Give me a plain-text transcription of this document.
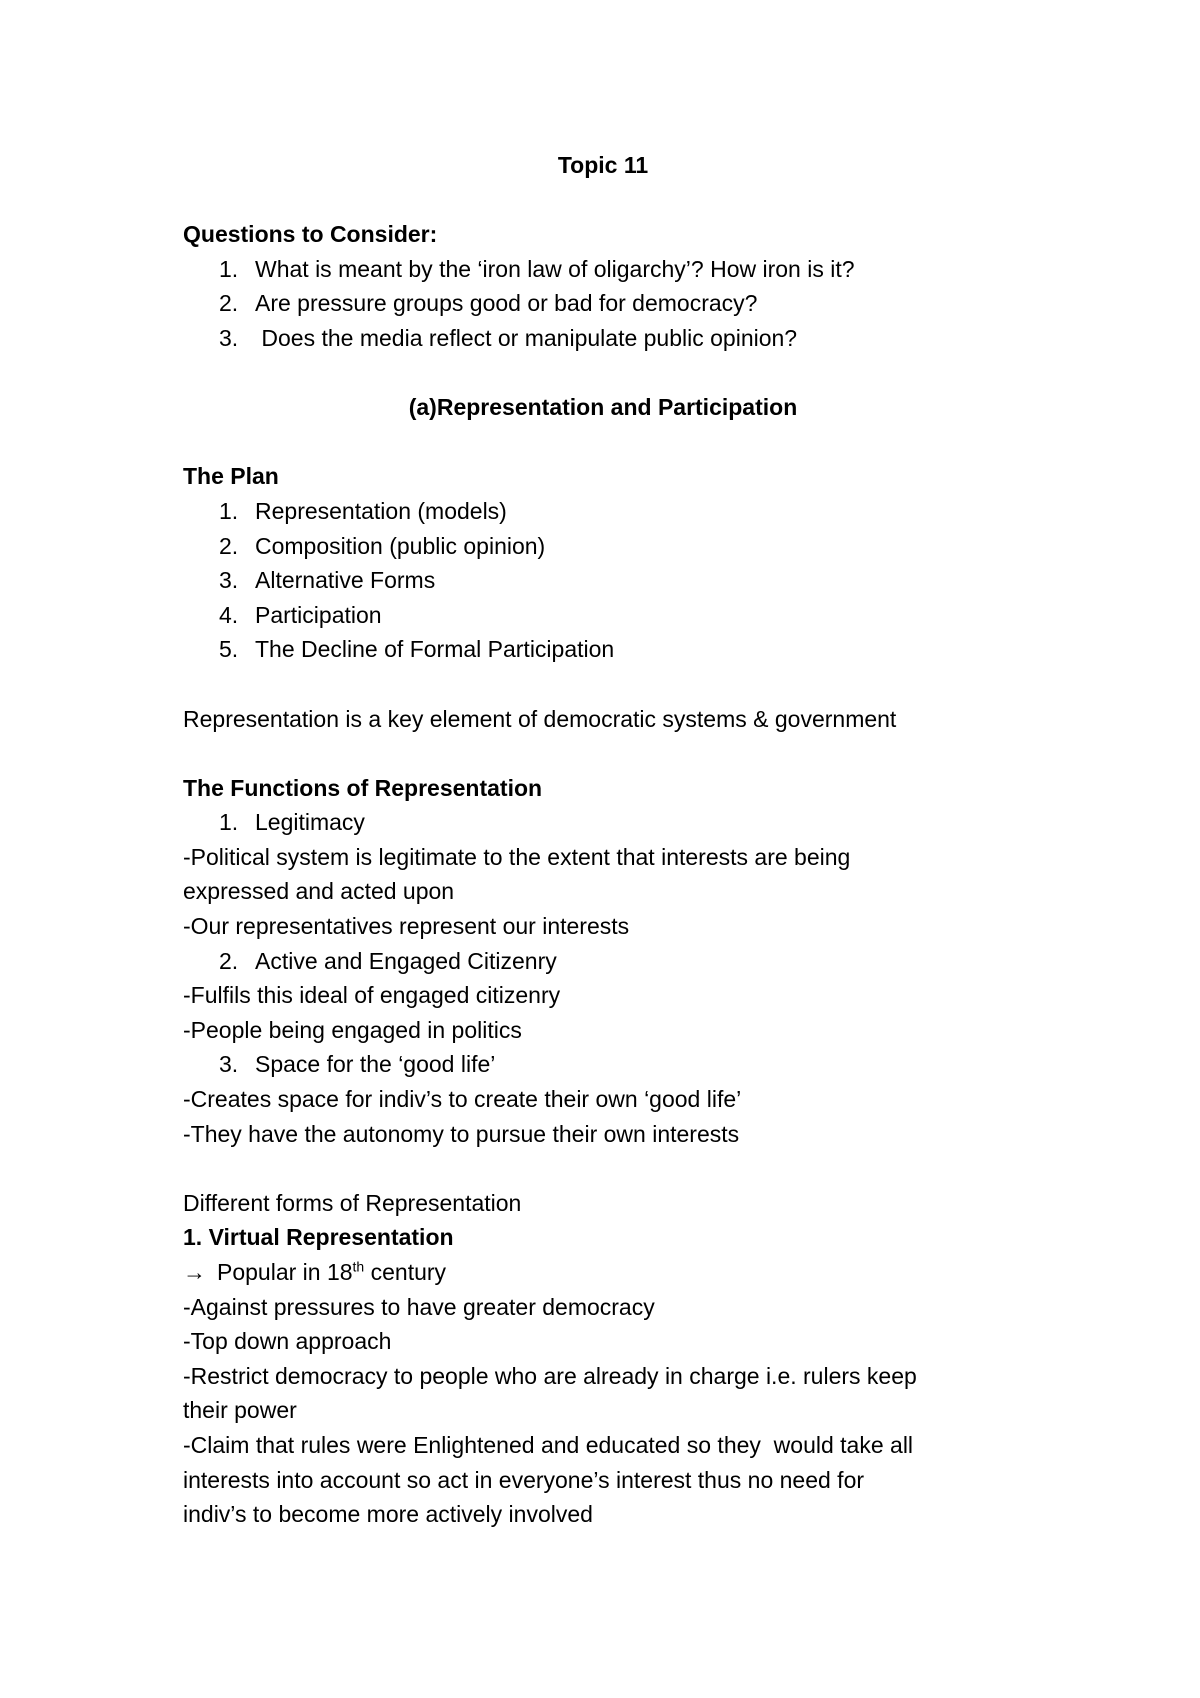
Topic 11
Questions to Consider:
1. What is meant by the ‘iron law of oligarchy’? How iron is it?
2. Are pressure groups good or bad for democracy?
3. Does the media reflect or manipulate public opinion?
(a)Representation and Participation
The Plan
1. Representation (models)
2. Composition (public opinion)
3. Alternative Forms
4. Participation
5. The Decline of Formal Participation
Representation is a key element of democratic systems & government
The Functions of Representation
1. Legitimacy
-Political system is legitimate to the extent that interests are being
expressed and acted upon
-Our representatives represent our interests
2. Active and Engaged Citizenry
-Fulfils this ideal of engaged citizenry
-People being engaged in politics
3. Space for the ‘good life’
-Creates space for indiv’s to create their own ‘good life’
-They have the autonomy to pursue their own interests
Different forms of Representation
1. Virtual Representation
→ Popular in 18th century
-Against pressures to have greater democracy
-Top down approach
-Restrict democracy to people who are already in charge i.e. rulers keep
their power
-Claim that rules were Enlightened and educated so they  would take all
interests into account so act in everyone’s interest thus no need for
indiv’s to become more actively involved
